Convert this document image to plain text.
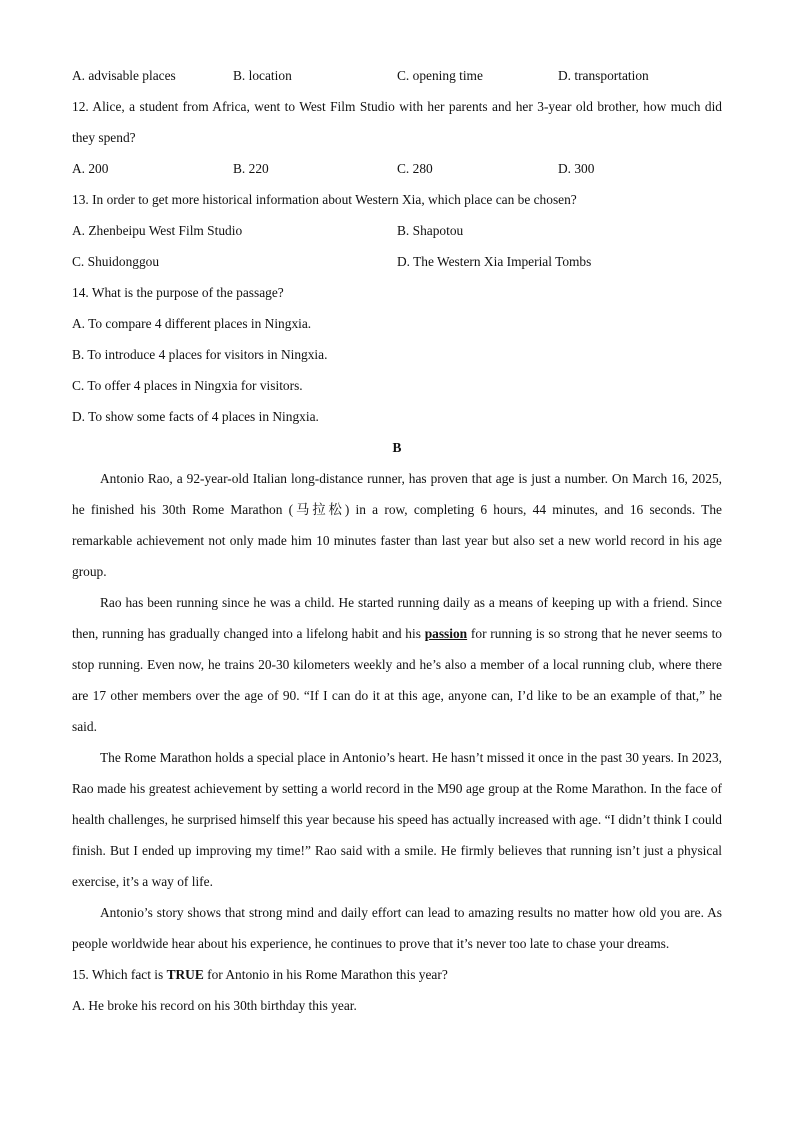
A. advisable places	B. location	C. opening time	D. transportation
12. Alice, a student from Africa, went to West Film Studio with her parents and her 3-year old brother, how much did they spend?
A. 200	B. 220	C. 280	D. 300
13. In order to get more historical information about Western Xia, which place can be chosen?
A. Zhenbeipu West Film Studio	B. Shapotou
C. Shuidonggou	D. The Western Xia Imperial Tombs
14. What is the purpose of the passage?
A. To compare 4 different places in Ningxia.
B. To introduce 4 places for visitors in Ningxia.
C. To offer 4 places in Ningxia for visitors.
D. To show some facts of 4 places in Ningxia.
B

Antonio Rao, a 92-year-old Italian long-distance runner, has proven that age is just a number. On March 16, 2025, he finished his 30th Rome Marathon (马拉松) in a row, completing 6 hours, 44 minutes, and 16 seconds. The remarkable achievement not only made him 10 minutes faster than last year but also set a new world record in his age group.

Rao has been running since he was a child. He started running daily as a means of keeping up with a friend. Since then, running has gradually changed into a lifelong habit and his passion for running is so strong that he never seems to stop running. Even now, he trains 20-30 kilometers weekly and he’s also a member of a local running club, where there are 17 other members over the age of 90. “If I can do it at this age, anyone can, I’d like to be an example of that,” he said.

The Rome Marathon holds a special place in Antonio’s heart. He hasn’t missed it once in the past 30 years. In 2023, Rao made his greatest achievement by setting a world record in the M90 age group at the Rome Marathon. In the face of health challenges, he surprised himself this year because his speed has actually increased with age. “I didn’t think I could finish. But I ended up improving my time!” Rao said with a smile. He firmly believes that running isn’t just a physical exercise, it’s a way of life.

Antonio’s story shows that strong mind and daily effort can lead to amazing results no matter how old you are. As people worldwide hear about his experience, he continues to prove that it’s never too late to chase your dreams.

15. Which fact is TRUE for Antonio in his Rome Marathon this year?
A. He broke his record on his 30th birthday this year.
